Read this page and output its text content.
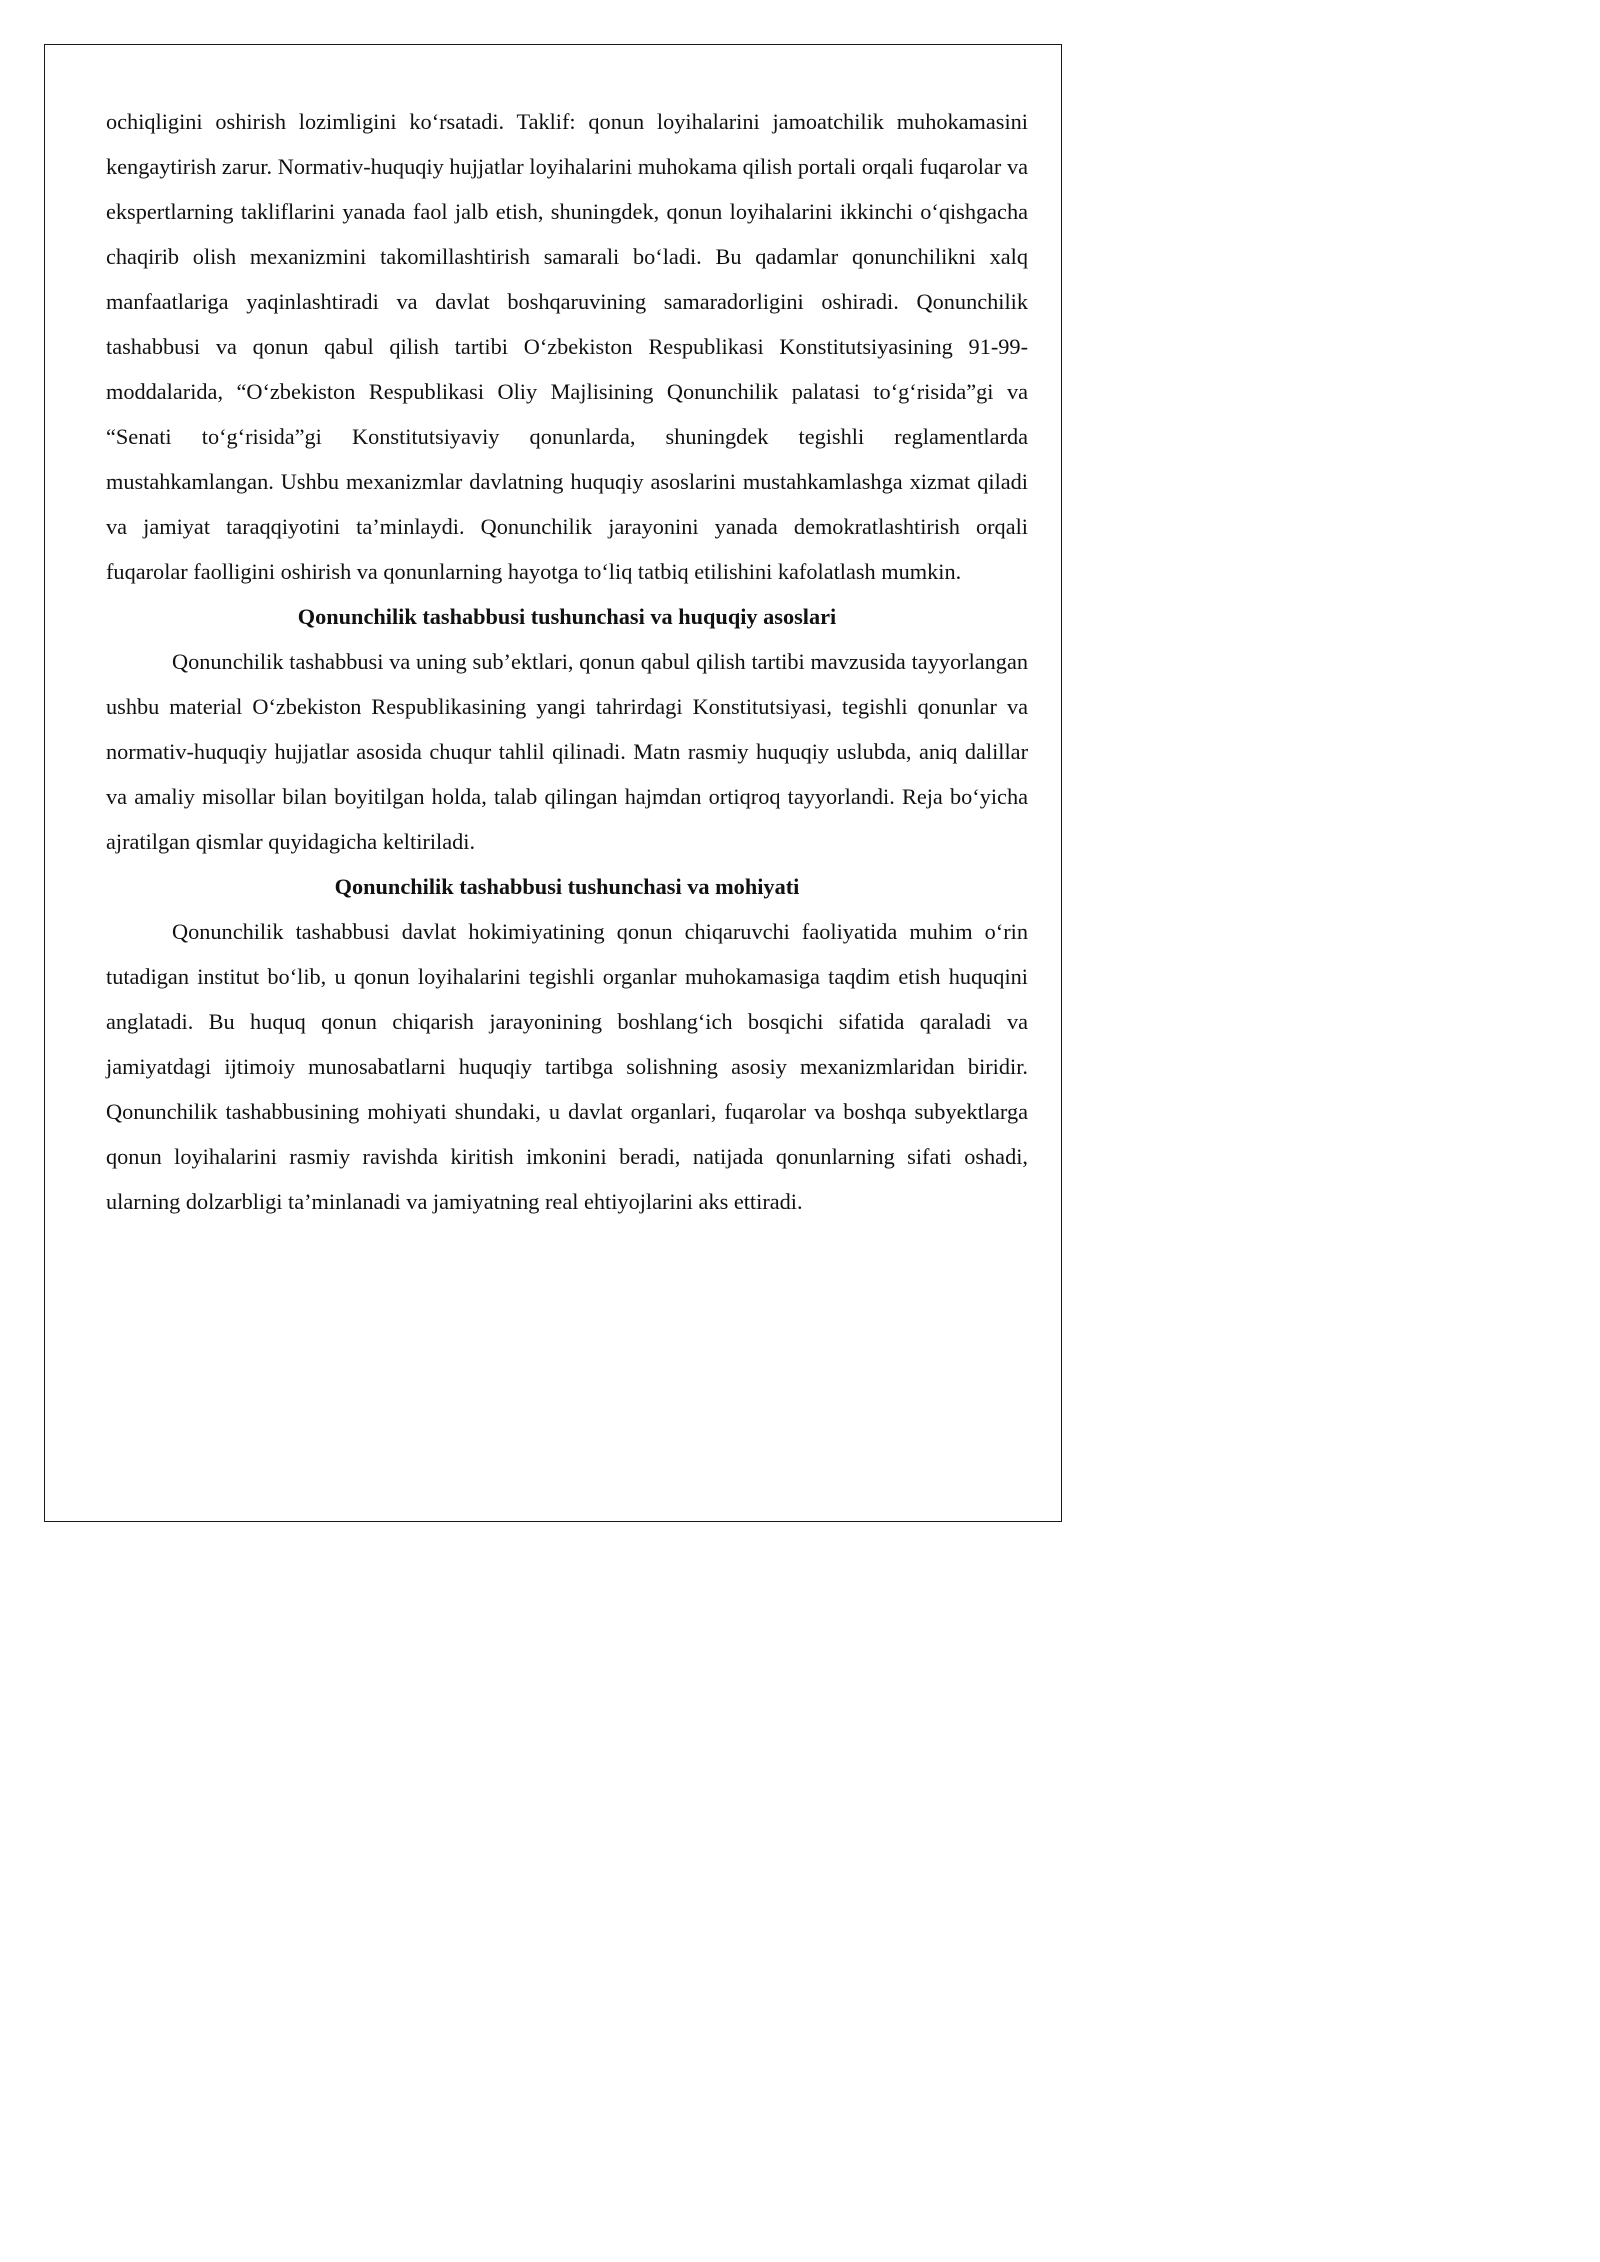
ochiqligini oshirish lozimligini ko‘rsatadi. Taklif: qonun loyihalarini jamoatchilik muhokamasini kengaytirish zarur. Normativ-huquqiy hujjatlar loyihalarini muhokama qilish portali orqali fuqarolar va ekspertlarning takliflarini yanada faol jalb etish, shuningdek, qonun loyihalarini ikkinchi o‘qishgacha chaqirib olish mexanizmini takomillashtirish samarali bo‘ladi. Bu qadamlar qonunchilikni xalq manfaatlariga yaqinlashtiradi va davlat boshqaruvining samaradorligini oshiradi. Qonunchilik tashabbusi va qonun qabul qilish tartibi O‘zbekiston Respublikasi Konstitutsiyasining 91-99-moddalarida, “O‘zbekiston Respublikasi Oliy Majlisining Qonunchilik palatasi to‘g‘risida”gi va “Senati to‘g‘risida”gi Konstitutsiyaviy qonunlarda, shuningdek tegishli reglamentlarda mustahkamlangan. Ushbu mexanizmlar davlatning huquqiy asoslarini mustahkamlashga xizmat qiladi va jamiyat taraqqiyotini ta’minlaydi. Qonunchilik jarayonini yanada demokratlashtirish orqali fuqarolar faolligini oshirish va qonunlarning hayotga to‘liq tatbiq etilishini kafolatlash mumkin.

Qonunchilik tashabbusi tushunchasi va huquqiy asoslari

Qonunchilik tashabbusi va uning sub’ektlari, qonun qabul qilish tartibi mavzusida tayyorlangan ushbu material O‘zbekiston Respublikasining yangi tahrirdagi Konstitutsiyasi, tegishli qonunlar va normativ-huquqiy hujjatlar asosida chuqur tahlil qilinadi. Matn rasmiy huquqiy uslubda, aniq dalillar va amaliy misollar bilan boyitilgan holda, talab qilingan hajmdan ortiqroq tayyorlandi. Reja bo‘yicha ajratilgan qismlar quyidagicha keltiriladi.

Qonunchilik tashabbusi tushunchasi va mohiyati

Qonunchilik tashabbusi davlat hokimiyatining qonun chiqaruvchi faoliyatida muhim o‘rin tutadigan institut bo‘lib, u qonun loyihalarini tegishli organlar muhokamasiga taqdim etish huquqini anglatadi. Bu huquq qonun chiqarish jarayonining boshlang‘ich bosqichi sifatida qaraladi va jamiyatdagi ijtimoiy munosabatlarni huquqiy tartibga solishning asosiy mexanizmlaridan biridir. Qonunchilik tashabbusining mohiyati shundaki, u davlat organlari, fuqarolar va boshqa subyektlarga qonun loyihalarini rasmiy ravishda kiritish imkonini beradi, natijada qonunlarning sifati oshadi, ularning dolzarbligi ta’minlanadi va jamiyatning real ehtiyojlarini aks ettiradi.
